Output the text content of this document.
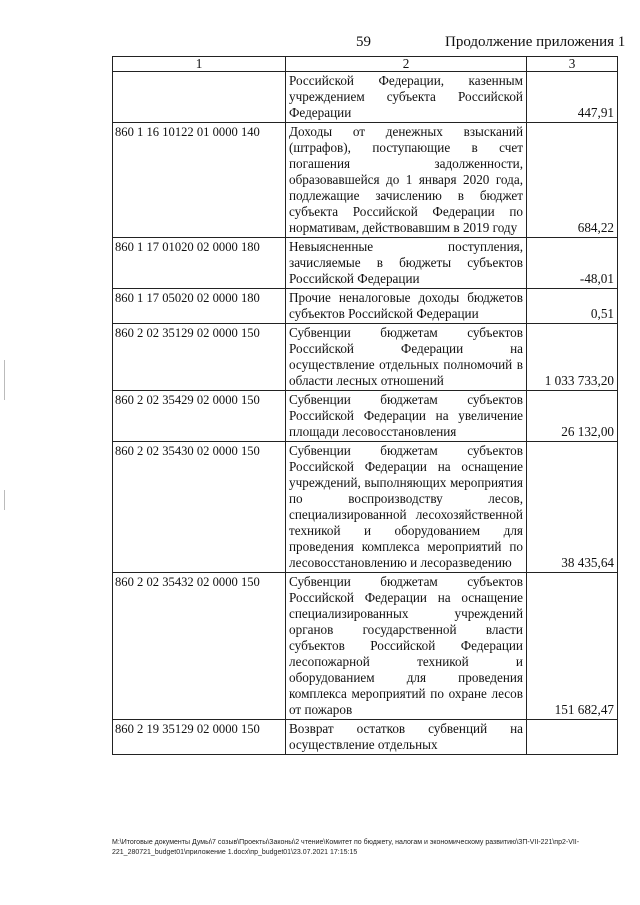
59	Продолжение приложения 1
1	2	3
	Российской Федерации, казенным учреждением субъекта Российской Федерации	447,91
860 1 16 10122 01 0000 140	Доходы от денежных взысканий (штрафов), поступающие в счет погашения задолженности, образовавшейся до 1 января 2020 года, подлежащие зачислению в бюджет субъекта Российской Федерации по нормативам, действовавшим в 2019 году	684,22
860 1 17 01020 02 0000 180	Невыясненные поступления, зачисляемые в бюджеты субъектов Российской Федерации	-48,01
860 1 17 05020 02 0000 180	Прочие неналоговые доходы бюджетов субъектов Российской Федерации	0,51
860 2 02 35129 02 0000 150	Субвенции бюджетам субъектов Российской Федерации на осуществление отдельных полномочий в области лесных отношений	1 033 733,20
860 2 02 35429 02 0000 150	Субвенции бюджетам субъектов Российской Федерации на увеличение площади лесовосстановления	26 132,00
860 2 02 35430 02 0000 150	Субвенции бюджетам субъектов Российской Федерации на оснащение учреждений, выполняющих мероприятия по воспроизводству лесов, специализированной лесохозяйственной техникой и оборудованием для проведения комплекса мероприятий по лесовосстановлению и лесоразведению	38 435,64
860 2 02 35432 02 0000 150	Субвенции бюджетам субъектов Российской Федерации на оснащение специализированных учреждений органов государственной власти субъектов Российской Федерации лесопожарной техникой и оборудованием для проведения комплекса мероприятий по охране лесов от пожаров	151 682,47
860 2 19 35129 02 0000 150	Возврат остатков субвенций на осуществление отдельных	
M:\Итоговые документы Думы\7 созыв\Проекты\Законы\2 чтение\Комитет по бюджету, налогам и экономическому развитию\ЗП-VII-221\пр2-VII-221_280721_budget01\приложение 1.docx\пр_budget01\23.07.2021 17:15:15
